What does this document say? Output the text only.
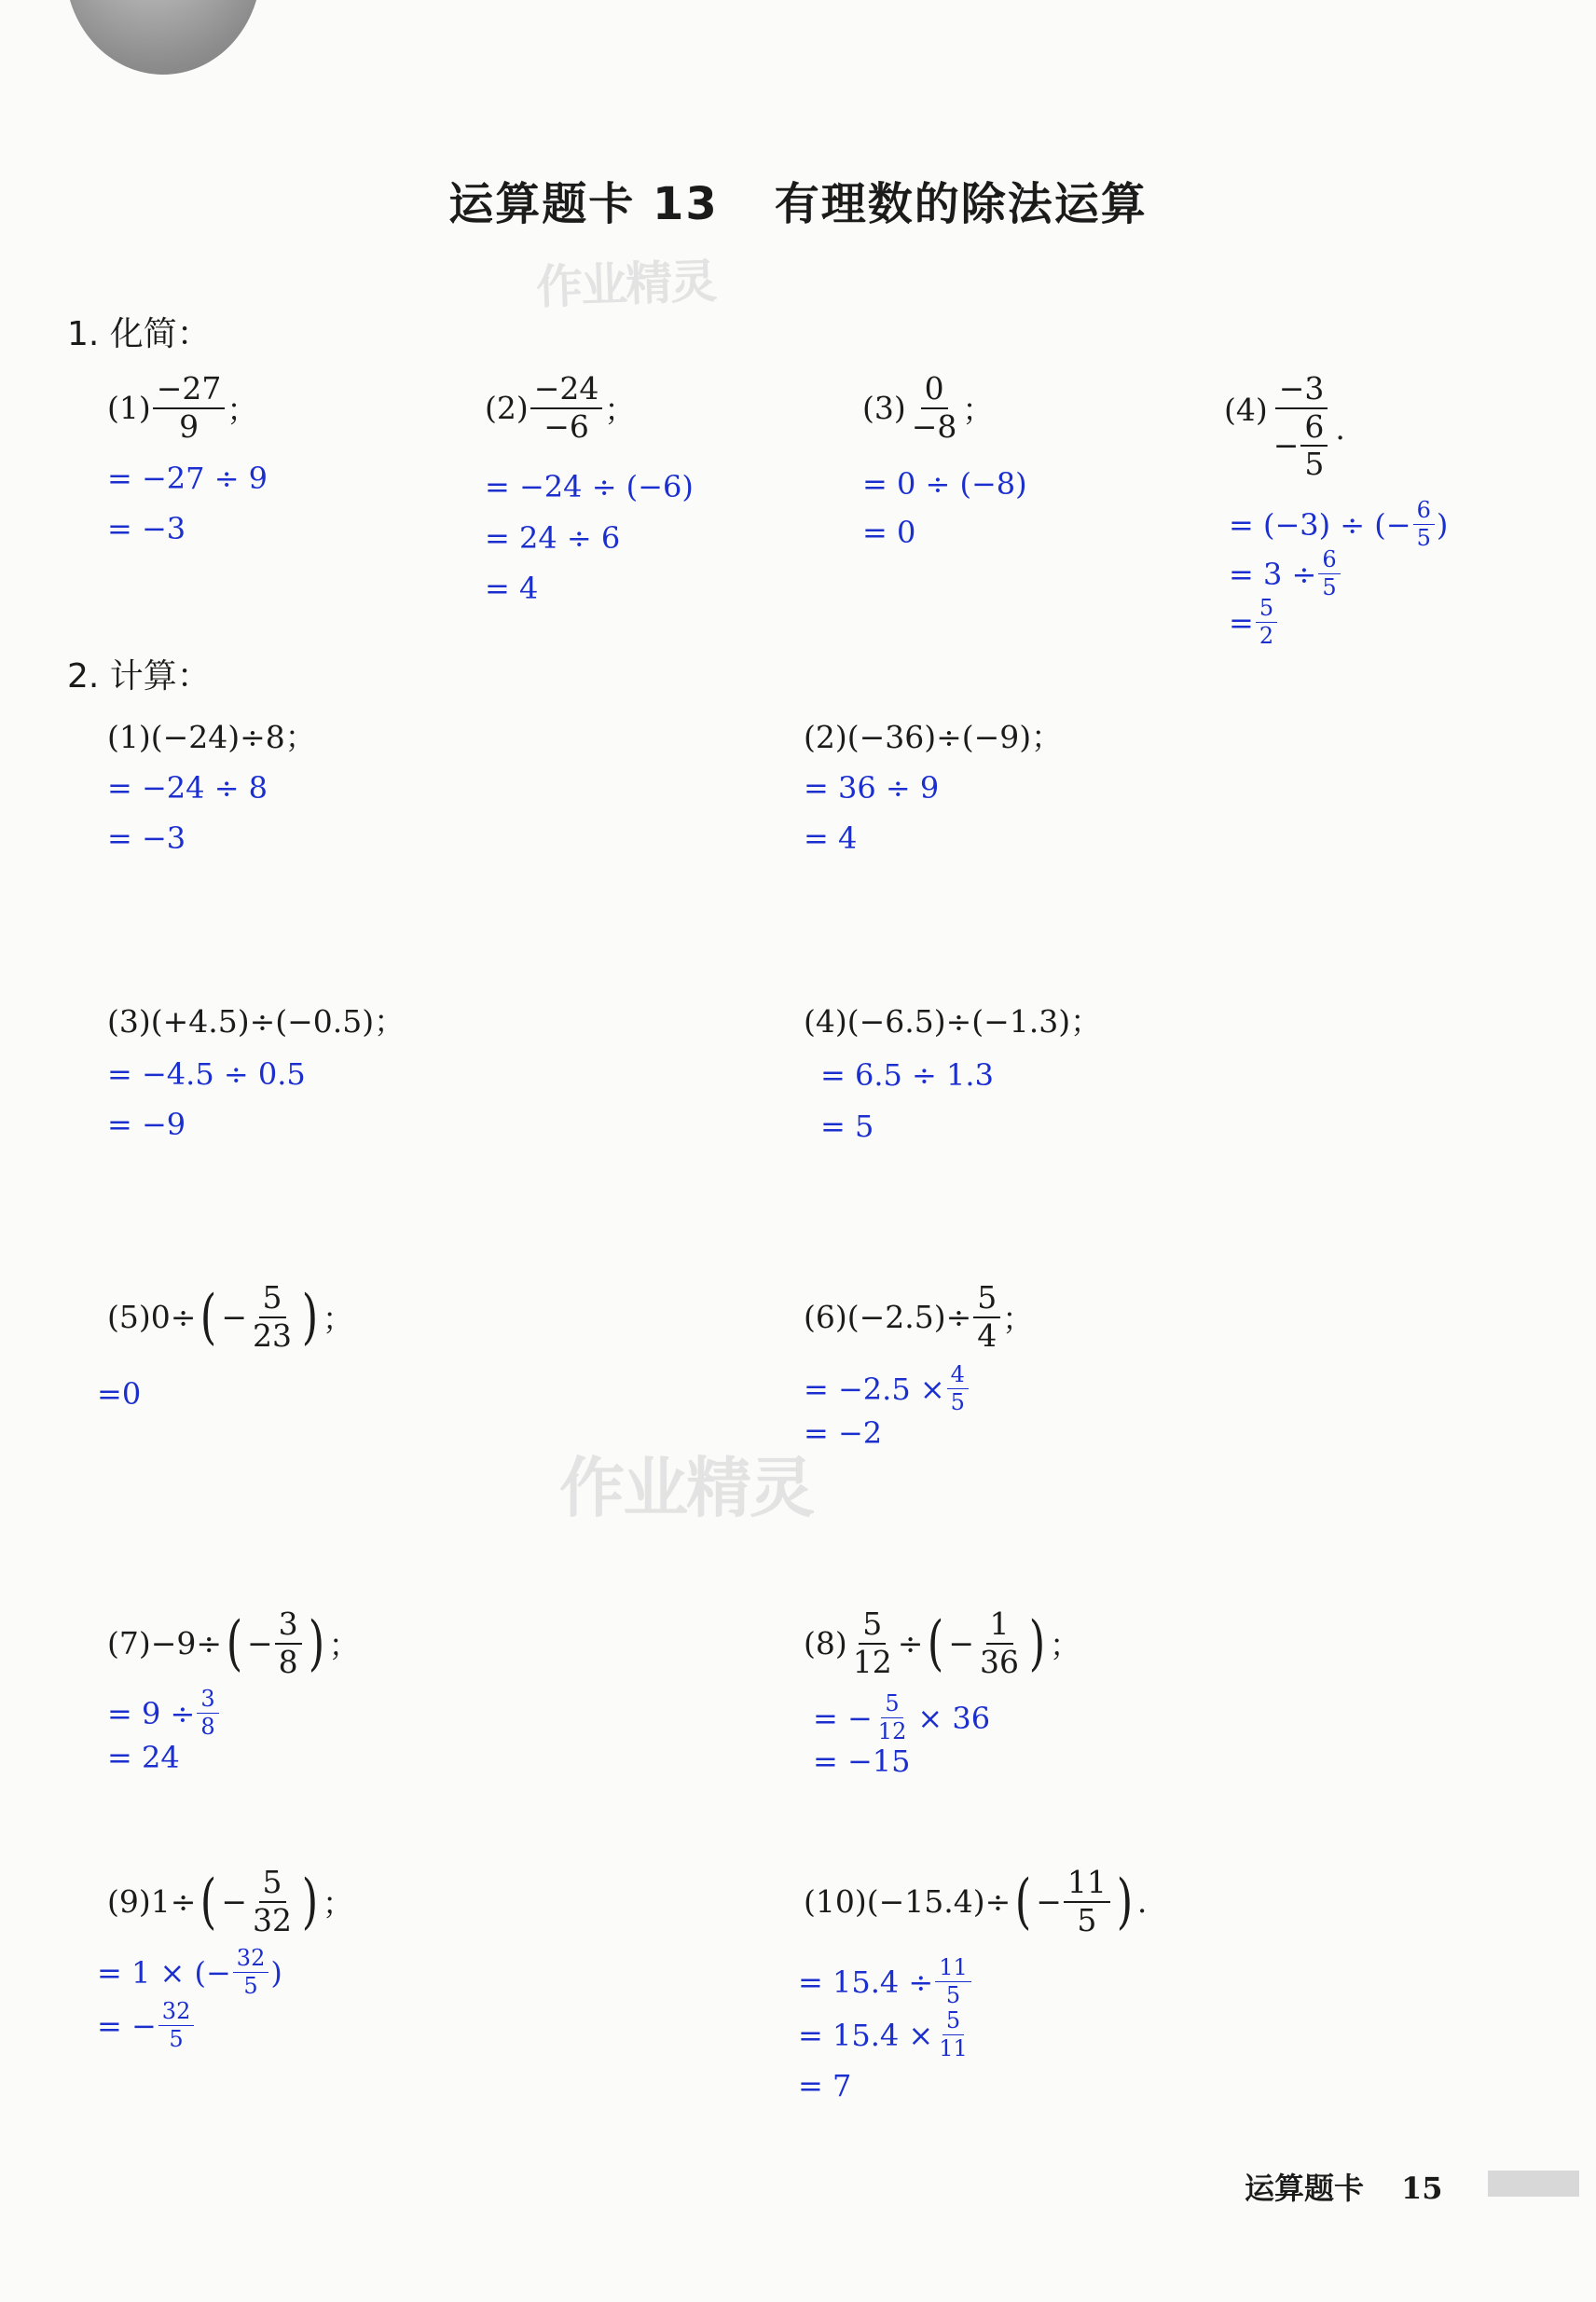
运算题卡 13 有理数的除法运算
作业精灵
作业精灵
1. 化简：
$(1) \frac{-27}{9}$ ；
= −27 ÷ 9
= −3
$(2) \frac{-24}{-6}$ ；
= −24 ÷ (−6)
= 24 ÷ 6
= 4
$(3) \frac{0}{-8}$ ；
= 0 ÷ (−8)
= 0
$(4) \frac{-3}{- \frac{6}{5}}$ .
= (−3) ÷ (− $\frac{6}{5}$ )
= $3 \div \frac{6}{5}$
= $\frac{5}{2}$
2. 计算：
(1)(−24)÷8；
= −24 ÷ 8
= −3
(2)(−36)÷(−9)；
= 36 ÷ 9
= 4
(3)(+4.5)÷(−0.5)；
= −4.5 ÷ 0.5
= −9
(4)(−6.5)÷(−1.3)；
= 6.5 ÷ 1.3
= 5
(5)0÷ ( − $\frac{5}{23}$ ) ；
=0
$(6)(-2.5)\div \frac{5}{4}$ ；
= $-2.5 \times \frac{4}{5}$
= −2
(7)−9÷ ( − $\frac{3}{8}$ ) ；
= $9 \div \frac{3}{8}$
= 24
$(8) \frac{5}{12}$ ÷ ( − $\frac{1}{36}$ ) ；
= − $\frac{5}{12} \times 36$
= −15
(9)1÷ ( − $\frac{5}{32}$ ) ；
= 1 × (− $\frac{32}{5}$ )
= − $\frac{32}{5}$
(10)(−15.4)÷ ( − $\frac{11}{5}$ ) .
= $15.4 \div \frac{11}{5}$
= $15.4 \times \frac{5}{11}$
= 7
运算题卡 15
